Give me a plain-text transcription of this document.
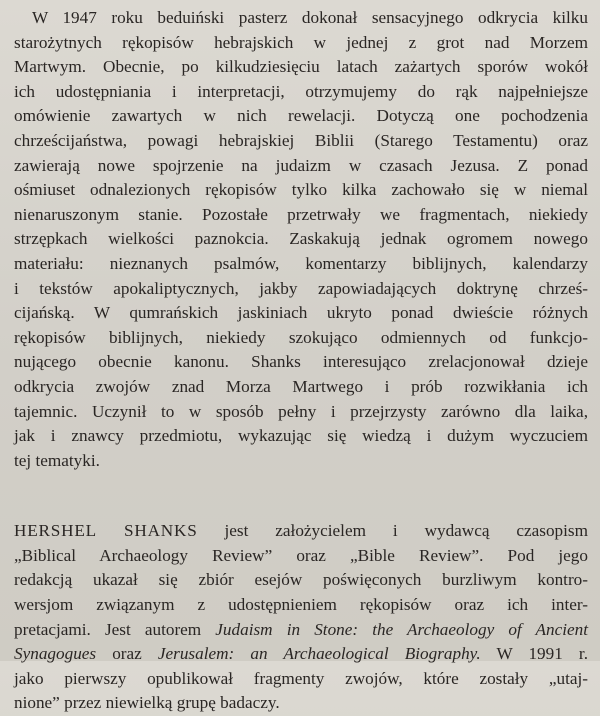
W 1947 roku beduiński pasterz dokonał sensacyjnego odkrycia kilku
starożytnych rękopisów hebrajskich w jednej z grot nad Morzem
Martwym. Obecnie, po kilkudziesięciu latach zażartych sporów wokół
ich udostępniania i interpretacji, otrzymujemy do rąk najpełniejsze
omówienie zawartych w nich rewelacji. Dotyczą one pochodzenia
chrześcijaństwa, powagi hebrajskiej Biblii (Starego Testamentu) oraz
zawierają nowe spojrzenie na judaizm w czasach Jezusa. Z ponad
ośmiuset odnalezionych rękopisów tylko kilka zachowało się w niemal
nienaruszonym stanie. Pozostałe przetrwały we fragmentach, niekiedy
strzępkach wielkości paznokcia. Zaskakują jednak ogromem nowego
materiału: nieznanych psalmów, komentarzy biblijnych, kalendarzy
i tekstów apokaliptycznych, jakby zapowiadających doktrynę chrześ-
cijańską. W qumrańskich jaskiniach ukryto ponad dwieście różnych
rękopisów biblijnych, niekiedy szokująco odmiennych od funkcjo-
nującego obecnie kanonu. Shanks interesująco zrelacjonował dzieje
odkrycia zwojów znad Morza Martwego i prób rozwikłania ich
tajemnic. Uczynił to w sposób pełny i przejrzysty zarówno dla laika,
jak i znawcy przedmiotu, wykazując się wiedzą i dużym wyczuciem
tej tematyki.

HERSHEL SHANKS jest założycielem i wydawcą czasopism
„Biblical Archaeology Review” oraz „Bible Review”. Pod jego
redakcją ukazał się zbiór esejów poświęconych burzliwym kontro-
wersjom związanym z udostępnieniem rękopisów oraz ich inter-
pretacjami. Jest autorem Judaism in Stone: the Archaeology of Ancient
Synagogues oraz Jerusalem: an Archaeological Biography. W 1991 r.
jako pierwszy opublikował fragmenty zwojów, które zostały „utaj-
nione” przez niewielką grupę badaczy.
